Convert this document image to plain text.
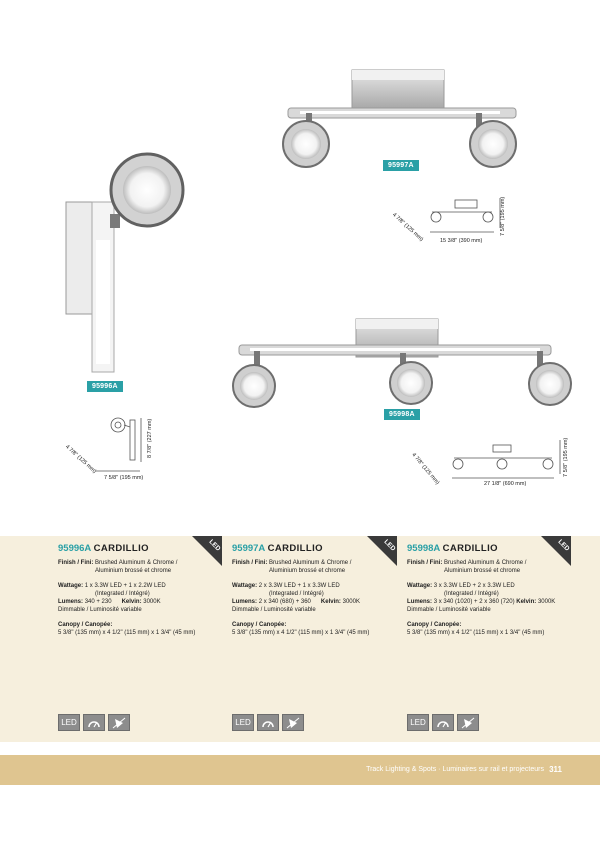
95997A
95996A
95998A
4 7/8" (125 mm)	7 5/8" (195 mm)
15 3/8" (390 mm)
4 7/8" (125 mm)
8 7/8" (227 mm)
7 5/8" (195 mm)	4 7/8" (125 mm)	7 5/8" (195 mm)
27 1/8" (690 mm)
LED	LED	LED
95996A CARDILLIO
Finish / Fini: Brushed Aluminum & Chrome /
Aluminium brossé et chrome
Wattage: 1 x 3.3W LED + 1 x 2.2W LED
(Integrated / Intégré)
Lumens: 340 + 230 Kelvin: 3000K
Dimmable / Luminosité variable
Canopy / Canopée:
5 3/8" (135 mm) x 4 1/2" (115 mm) x 1 3/4" (45 mm)
95997A CARDILLIO
Finish / Fini: Brushed Aluminum & Chrome /
Aluminium brossé et chrome
Wattage: 2 x 3.3W LED + 1 x 3.3W LED
(Integrated / Intégré)
Lumens: 2 x 340 (680) + 360 Kelvin: 3000K
Dimmable / Luminosité variable
Canopy / Canopée:
5 3/8" (135 mm) x 4 1/2" (115 mm) x 1 3/4" (45 mm)
95998A CARDILLIO
Finish / Fini: Brushed Aluminum & Chrome /
Aluminium brossé et chrome
Wattage: 3 x 3.3W LED + 2 x 3.3W LED
(Integrated / Intégré)
Lumens: 3 x 340 (1020) + 2 x 360 (720) Kelvin: 3000K
Dimmable / Luminosité variable
Canopy / Canopée:
5 3/8" (135 mm) x 4 1/2" (115 mm) x 1 3/4" (45 mm)
LED	LED	LED
Track Lighting & Spots · Luminaires sur rail et projecteurs 311
